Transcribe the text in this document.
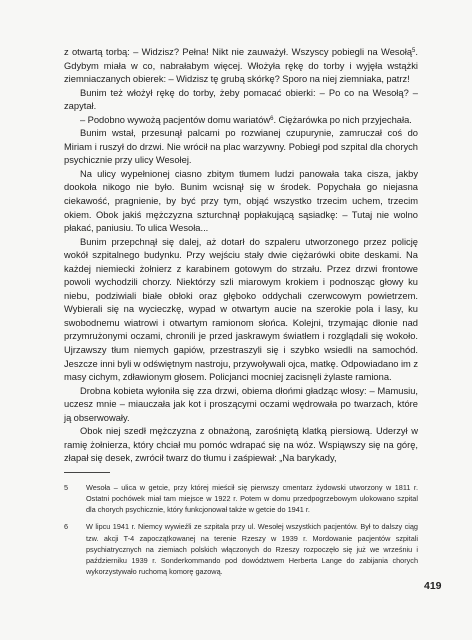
z otwartą torbą: – Widzisz? Pełna! Nikt nie zauważył. Wszyscy pobiegli na Wesołą$^5$. Gdybym miała w co, nabrałabym więcej. Włożyła rękę do torby i wyjęła wstążki ziemniaczanych obierek: – Widzisz tę grubą skórkę? Sporo na niej ziemniaka, patrz!

Bunim też włożył rękę do torby, żeby pomacać obierki: – Po co na Wesołą? – zapytał.

– Podobno wywożą pacjentów domu wariatów$^6$. Ciężarówka po nich przyjechała.

Bunim wstał, przesunął palcami po rozwianej czupurynie, zamruczał coś do Miriam i ruszył do drzwi. Nie wrócił na plac warzywny. Pobiegł pod szpital dla chorych psychicznie przy ulicy Wesołej.

Na ulicy wypełnionej ciasno zbitym tłumem ludzi panowała taka cisza, jakby dookoła nikogo nie było. Bunim wcisnął się w środek. Popychała go niejasna ciekawość, pragnienie, by być przy tym, objąć wszystko trzecim uchem, trzecim okiem. Obok jakiś mężczyzna szturchnął popłakującą sąsiadkę: – Tutaj nie wolno płakać, paniusiu. To ulica Wesoła...

Bunim przepchnął się dalej, aż dotarł do szpaleru utworzonego przez policję wokół szpitalnego budynku. Przy wejściu stały dwie ciężarówki obite deskami. Na każdej niemiecki żołnierz z karabinem gotowym do strzału. Przez drzwi frontowe powoli wychodzili chorzy. Niektórzy szli miarowym krokiem i podnosząc głowy ku niebu, podziwiali białe obłoki oraz głęboko oddychali czerwcowym powietrzem. Wybierali się na wycieczkę, wypad w otwartym aucie na szerokie pola i lasy, ku swobodnemu wiatrowi i otwartym ramionom słońca. Kolejni, trzymając dłonie nad przymrużonymi oczami, chronili je przed jaskrawym światłem i rozglądali się wokoło. Ujrzawszy tłum niemych gapiów, przestraszyli się i szybko wsiedli na samochód. Jeszcze inni byli w odświętnym nastroju, przywoływali ojca, matkę. Odpowiadano im z masy cichym, zdławionym głosem. Policjanci mocniej zacisnęli żylaste ramiona.

Drobna kobieta wyłoniła się zza drzwi, obiema dłońmi gładząc włosy: – Mamusiu, uczesz mnie – miauczała jak kot i proszącymi oczami wędrowała po twarzach, które ją obserwowały.

Obok niej szedł mężczyzna z obnażoną, zarośniętą klatką piersiową. Uderzył w ramię żołnierza, który chciał mu pomóc wdrapać się na wóz. Wspiąwszy się na górę, złapał się desek, zwrócił twarz do tłumu i zaśpiewał: „Na barykady,

5	Wesoła – ulica w getcie, przy której mieścił się pierwszy cmentarz żydowski utworzony w 1811 r. Ostatni pochówek miał tam miejsce w 1922 r. Potem w domu przedpogrzebowym ulokowano szpital dla chorych psychicznie, który funkcjonował także w getcie do 1941 r.
6	W lipcu 1941 r. Niemcy wywieźli ze szpitala przy ul. Wesołej wszystkich pacjentów. Był to dalszy ciąg tzw. akcji T-4 zapoczątkowanej na terenie Rzeszy w 1939 r. Mordowanie pacjentów szpitali psychiatrycznych na ziemiach polskich włączonych do Rzeszy rozpoczęło się już we wrześniu i październiku 1939 r. Sonderkommando pod dowództwem Herberta Lange do zabijania chorych wykorzystywało ruchomą komorę gazową.
419
